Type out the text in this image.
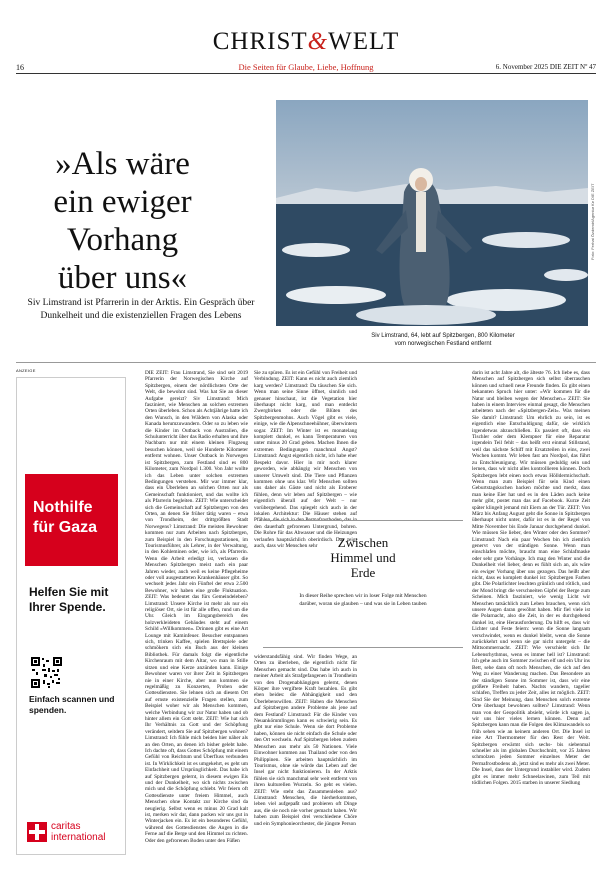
CHRIST&WELT
16	Die Seiten für Glaube, Liebe, Hoffnung	6. November 2025 DIE ZEIT Nº 47
»Als wäre
ein ewiger
Vorhang
über uns«
Siv Limstrand ist Pfarrerin in der Arktis. Ein Gespräch über Dunkelheit und die existenziellen Fragen des Lebens
Foto: Ferhat Özdemir/Agentur für DIE ZEIT
Siv Limstrand, 64, lebt auf Spitzbergen, 800 Kilometer
vom norwegischen Festland entfernt
ANZEIGE
Nothilfe für Gaza
Helfen Sie mit Ihrer Spende.
Einfach scannen und spenden.
caritas
international
DIE ZEIT: Frau Limstrand, Sie sind seit 2019 Pfarrerin der Norwegischen Kirche auf Spitzbergen, einem der nördlichsten Orte der Welt, die bewohnt sind. Was hat Sie an dieser Aufgabe gereizt? Siv Limstrand: Mich fasziniert, wie Menschen an solchen extremen Orten überleben. Schon als Achtjährige hatte ich den Wunsch, in den Wäldern von Alaska oder Kanada herumzuwandern. Oder so zu leben wie die Kinder im Outback von Australien, die Schulunterricht über das Radio erhalten und ihre Nachbarn nur mit einem kleinen Flugzeug besuchen können, weil sie Hunderte Kilometer entfernt wohnen. Unser Outback in Norwegen ist Spitzbergen, zum Festland sind es 800 Kilometer, zum Nordpol 1.300. Von Jahr wollte ich das Leben unter solchen extremen Bedingungen verstehen. Mir war immer klar, dass ein Überleben an solchen Orten nur als Gemeinschaft funktioniert, und das wollte ich als Pfarrerin begleiten. ZEIT: Wie unterscheidet sich die Gemeinschaft auf Spitzbergen von den Orten, an denen Sie früher tätig waren – etwa von Trondheim, der drittgrößten Stadt Norwegens? Limstrand: Die meisten Bewohner kommen nur zum Arbeiten nach Spitzbergen, zum Beispiel in den Forschungsstationen, im Tourismusführer, als Lehrer, in der Verwaltung, in den Kohleminen oder, wie ich, als Pfarrerin. Wenn die Arbeit erledigt ist, verlassen die Menschen Spitzbergen meist nach ein paar Jahren wieder, auch weil es keine Pflegeheime oder voll ausgestatteten Krankenhäuser gibt. So wechselt jedes Jahr ein Fünftel der etwa 2.500 Bewohner, wir haben eine große Fluktuation. ZEIT: Was bedeutet das fürs Gemeindeleben? Limstrand: Unsere Kirche ist mehr als nur ein religiöser Ort, sie ist für alle offen, rund um die Uhr. Gleich im Eingangsbereich des holzverkleideten Gebäudes steht auf einem Schild »Willkommen«. Drinnen gibt es eine Art Lounge mit Kaminfeuer. Besucher entspannen sich, trinken Kaffee, spielen Brettspiele oder schmökern sich ein Buch aus der kleinen Bibliothek. Für damals folgt die eigentliche Kirchenraum mit dem Altar, wo man in Stille sitzen und eine Kerze anzünden kann. Einige Bewohner waren vor ihrer Zeit in Spitzbergen nie in einer Kirche, aber nun kommen sie regelmäßig zu Konzerten, Proben oder Gottesdiensten. Sie lehnen sich an diesem Ort auf ernste existenzielle Fragen stellen, zum Beispiel woher wir als Menschen kommen, welche Verbindung wir zur Natur haben und ob hinter allem ein Gott steht. ZEIT: Wie hat sich Ihr Verhältnis zu Gott und der Schöpfung verändert, seitdem Sie auf Spitzbergen wohnen? Limstrand: Ich fühle mich beiden hier näher als an den Orten, an denen ich bisher gelebt habe. Ich dachte oft, dass Gottes Schöpfung mit einem Gefühl von Reichtum und Überfluss verbunden ist. In Wirklichkeit ist es umgekehrt, es geht um Einfachheit und Ursprünglichkeit. Das habe ich auf Spitzbergen gelernt, in diesem ewigen Eis und der Dunkelheit, wo sich nichts zwischen mich und die Schöpfung schiebt. Wir feiern oft Gottesdienste unter freiem Himmel, auch Menschen ohne Kontakt zur Kirche sind da neugierig. Selbst wenn es minus 20 Grad kalt ist, merken wir dar, dann packen wir uns gut in Winterjacken ein. Es ist ein besonderes Gefühl, während des Gottesdienstes die Augen in die Ferne auf die Berge und den Himmel zu richten. Oder den gefrorenen Boden unter den Füßen
Sie zu spüren. Es ist ein Gefühl von Freiheit und Verbindung. ZEIT: Kann es nicht auch ziemlich karg werden? Limstrand: Da täuschen Sie sich. Wenn man seine Sinne öffnet, sinnlich und genauer hinschaut, ist die Vegetation hier überhaupt nicht karg, und man entdeckt Zwergbirken oder die Blüten des Spitzbergenmohns. Auch Vögel gibt es viele, einige, wie die Alpenschneehühner, überwintern sogar. ZEIT: Im Winter ist es monatelang komplett dunkel, es kann Temperaturen von unter minus 20 Grad geben. Machen Ihnen die extremen Bedingungen manchmal Angst? Limstrand: Angst eigentlich nicht, ich habe eher Respekt davor. Hier in mir noch klarer geworden, wie abhängig wir Menschen von unserer Umwelt sind. Die Tiere und Pflanzen kommen ohne uns klar. Wir Menschen sollten uns daher als Gäste und nicht als Eroberer fühlen, denn wir leben auf Spitzbergen – wie eigentlich überall auf der Welt – nur vorübergehend. Das spiegelt sich auch in der lokalen Architektur: Die Häuser stehen auf Pfählen, die sich in den Permafrostboden, das in den dauerhaft gefrorenen Untergrund, bohren. Die Rohre für das Abwasser und die Heizungen verlaufen hauptsächlich oberirdisch. Das zeigt auch, dass wir Menschen sehr	Zwischen
Himmel und
Erde
In dieser Reihe sprechen wir in loser Folge mit Menschen darüber, woran sie glauben – und was sie in Leben tauben
widerstandsfähig sind. Wir finden Wege, an Orten zu überleben, die eigentlich nicht für Menschen gemacht sind. Das habe ich auch in meiner Arbeit als Strafgefangenen in Trondheim von den Drogenabhängigen gelernt, denen Körper ihre vergiftete Kraft bezahlen. Es gibt eben beides: die Abhängigkeit und den Überlebenswillen. ZEIT: Haben die Menschen auf Spitzbergen andere Probleme als jene auf dem Festland? Limstrand: Für die Kinder von Neuankömmlingen kann es schwierig sein. Es gibt nur eine Schule. Wenn sie dort Probleme haben, können sie nicht einfach die Schule oder den Ort wechseln. Auf Spitzbergen leben zudem Menschen aus mehr als 50 Nationen. Viele Einwohner kommen aus Thailand oder von den Philippinen. Sie arbeiten hauptsächlich im Tourismus, ohne sie würde das Leben auf der Insel gar nicht funktionieren. In der Arktis fühlen sie sich manchmal sehr weit entfernt von ihren kulturellen Wurzeln. So geht es vielen. ZEIT: Wie steht das Zusammenleben aus? Limstrand: Menschen, die hierherkommen, leben viel aufgepaßt und probieren oft Dinge aus, die sie noch nie vorher gemacht haben. Wir haben zum Beispiel drei verschiedene Chöre und ein Symphonieorchester, die jüngste Person
darin ist acht Jahre alt, die älteste 76. Ich liebe es, dass Menschen auf Spitzbergen sich selbst überraschen können und schnell neue Freunde finden. Es gibt einen bekannten Spruch hier unter: »Wir kommen für die Natur und bleiben wegen der Menschen.« ZEIT: Sie haben in einem Interview einmal gesagt, die Menschen arbeiteten nach der »Spitzbergen-Zeit«. Was meinen Sie damit? Limstrand: Um ehrlich zu sein, ist es eigentlich eine Entschuldigung dafür, sie wirklich irgendetwas abzuschließen. Es passiert oft, dass ein Tischler oder dem Klempner für eine Reparatur irgendein Teil fehlt – das heißt erst einmal Stillstand, weil das nächste Schiff mit Ersatzteilen in eins, zwei Wochen kommt. Wir leben fast am Nordpol, das führt zu Entschleunigung. Wir müssen geduldig sein und lernen, dass wir nicht alles kontrollieren können. Doch Spitzbergen lebt einen noch etwas Hölldermichschaft. Wenn man zum Beispiel für sein Kind einen Geburtstagskuchen backen möchte und merkt, dass man keine Eier hat und es in den Läden auch keine mehr gibt, postet man das auf Facebook. Kurze Zeit später klingelt jemand mit Eiern an der Tür. ZEIT: Von März bis Anfang August geht die Sonne in Spitzbergen überhaupt nicht unter, dafür ist es in der Regel von Mitte November bis Ende Januar durchgehend dunkel. Wie müssen Sie lieber, den Winter oder den Sommer? Limstrand: Nach ein paar Wochen bin ich ziemlich genervt von der ständigen Sonne. Wenn man einschlafen möchte, braucht man eine Schlafmaske oder sehr gute Vorhänge. Ich mag den Winter und die Dunkelheit viel lieber, denn es fühlt sich an, als wäre ein ewiger Vorhang über uns gezogen. Das heißt aber nicht, dass es komplett dunkel ist: Spitzbergen Farben gibt. Die Polarlichter leuchten grünlich und rötlich, und der Mond bringt die verschneiten Gipfel der Berge zum Scheinen. Mich fasziniert, wie wenig Licht wir Menschen tatsächlich zum Leben brauchen, wenn sich unsere Augen daran gewöhnt haben. Mir fiel viele ist die Polarnacht, also die Zeit, in der es durchgehend dunkel ist, eine Herausforderung. Da hilft es, dass wir Lichter und Feste feiern: wenn die Sonne langsam verschwindet, wenn es dunkel bleibt, wenn die Sonne zurückkehrt und wenn sie gar nicht untergeht – die Mittsommernacht. ZEIT: Wie verschieht sich Ihr Lebensrhythmus, wenn es immer hell ist? Limstrand: Ich gehe auch im Sommer zwischen elf und ein Uhr ins Bett, sehe dann oft noch Menschen, die sich auf den Weg zu einer Wanderung machen. Das Besondere an der ständigen Sonne im Sommer ist, dass wir eine größere Freiheit haben. Nachts wandern, tagelier schlafen, Treffen zu jeder Zeit, alles ist möglich. ZEIT: Sind Sie der Meinung, dass Menschen solch extreme Orte überhaupt bewohnen sollten? Limstrand: Wenn man von der Geopolitik absieht, würde ich sagen ja, wir uns hier vieles lernen können. Denn auf Spitzbergen kann man die Folgen des Klimawandels so früh sehen wie an keinem anderen Ort. Die Insel ist eine Art Thermometer für den Rest der Welt. Spitzbergen erwärmt sich sechs- bis siebenmal schneller als im globalen Durchschnitt, vor 25 Jahren schmolzen jeden Sommer einzelnes Meter der Permafrostbodens ab, jetzt sind es mehr als zwei Meter. Die Insel, dass der Untergrund instabiler wird. Zudem gibt es immer mehr Schneelawinen, zum Teil mit tödlichen Folgen. 2015 starben in unserer Siedlung
